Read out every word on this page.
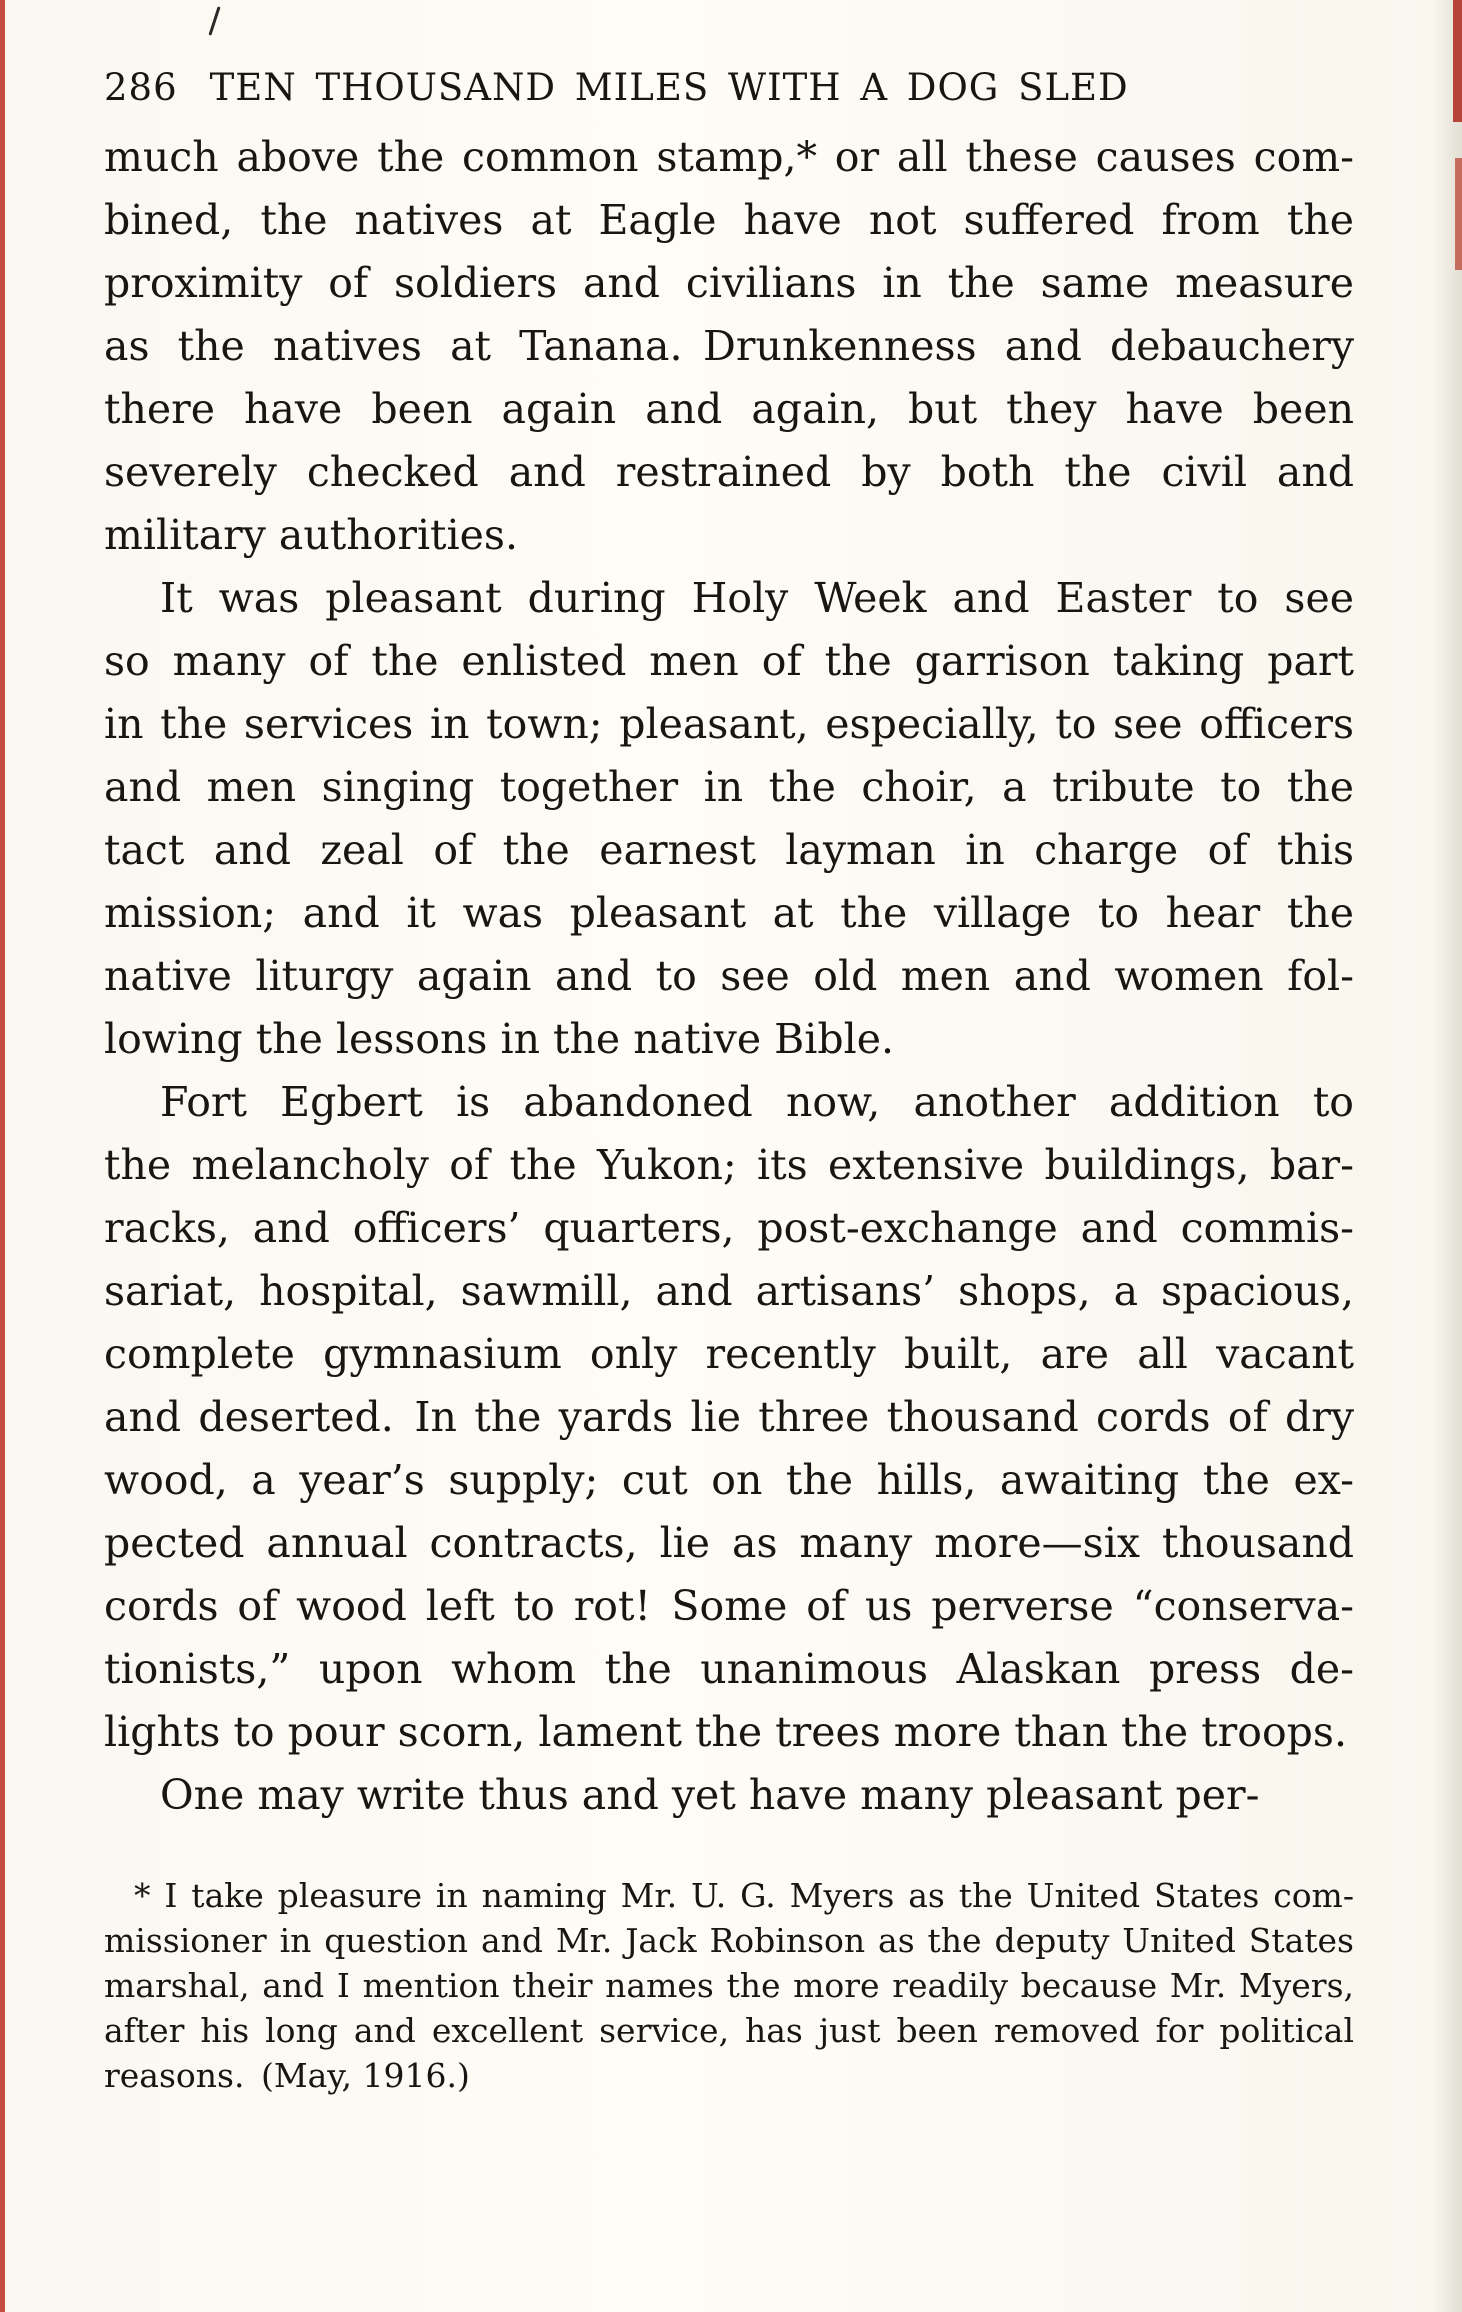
286 TEN THOUSAND MILES WITH A DOG SLED
much above the common stamp,* or all these causes com-
bined, the natives at Eagle have not suffered from the
proximity of soldiers and civilians in the same measure
as the natives at Tanana. Drunkenness and debauchery
there have been again and again, but they have been
severely checked and restrained by both the civil and
military authorities.
It was pleasant during Holy Week and Easter to see
so many of the enlisted men of the garrison taking part
in the services in town; pleasant, especially, to see officers
and men singing together in the choir, a tribute to the
tact and zeal of the earnest layman in charge of this
mission; and it was pleasant at the village to hear the
native liturgy again and to see old men and women fol-
lowing the lessons in the native Bible.
Fort Egbert is abandoned now, another addition to
the melancholy of the Yukon; its extensive buildings, bar-
racks, and officers’ quarters, post-exchange and commis-
sariat, hospital, sawmill, and artisans’ shops, a spacious,
complete gymnasium only recently built, are all vacant
and deserted. In the yards lie three thousand cords of dry
wood, a year’s supply; cut on the hills, awaiting the ex-
pected annual contracts, lie as many more—six thousand
cords of wood left to rot! Some of us perverse “conserva-
tionists,” upon whom the unanimous Alaskan press de-
lights to pour scorn, lament the trees more than the troops.
One may write thus and yet have many pleasant per-
* I take pleasure in naming Mr. U. G. Myers as the United States com-
missioner in question and Mr. Jack Robinson as the deputy United States
marshal, and I mention their names the more readily because Mr. Myers,
after his long and excellent service, has just been removed for political
reasons. (May, 1916.)
